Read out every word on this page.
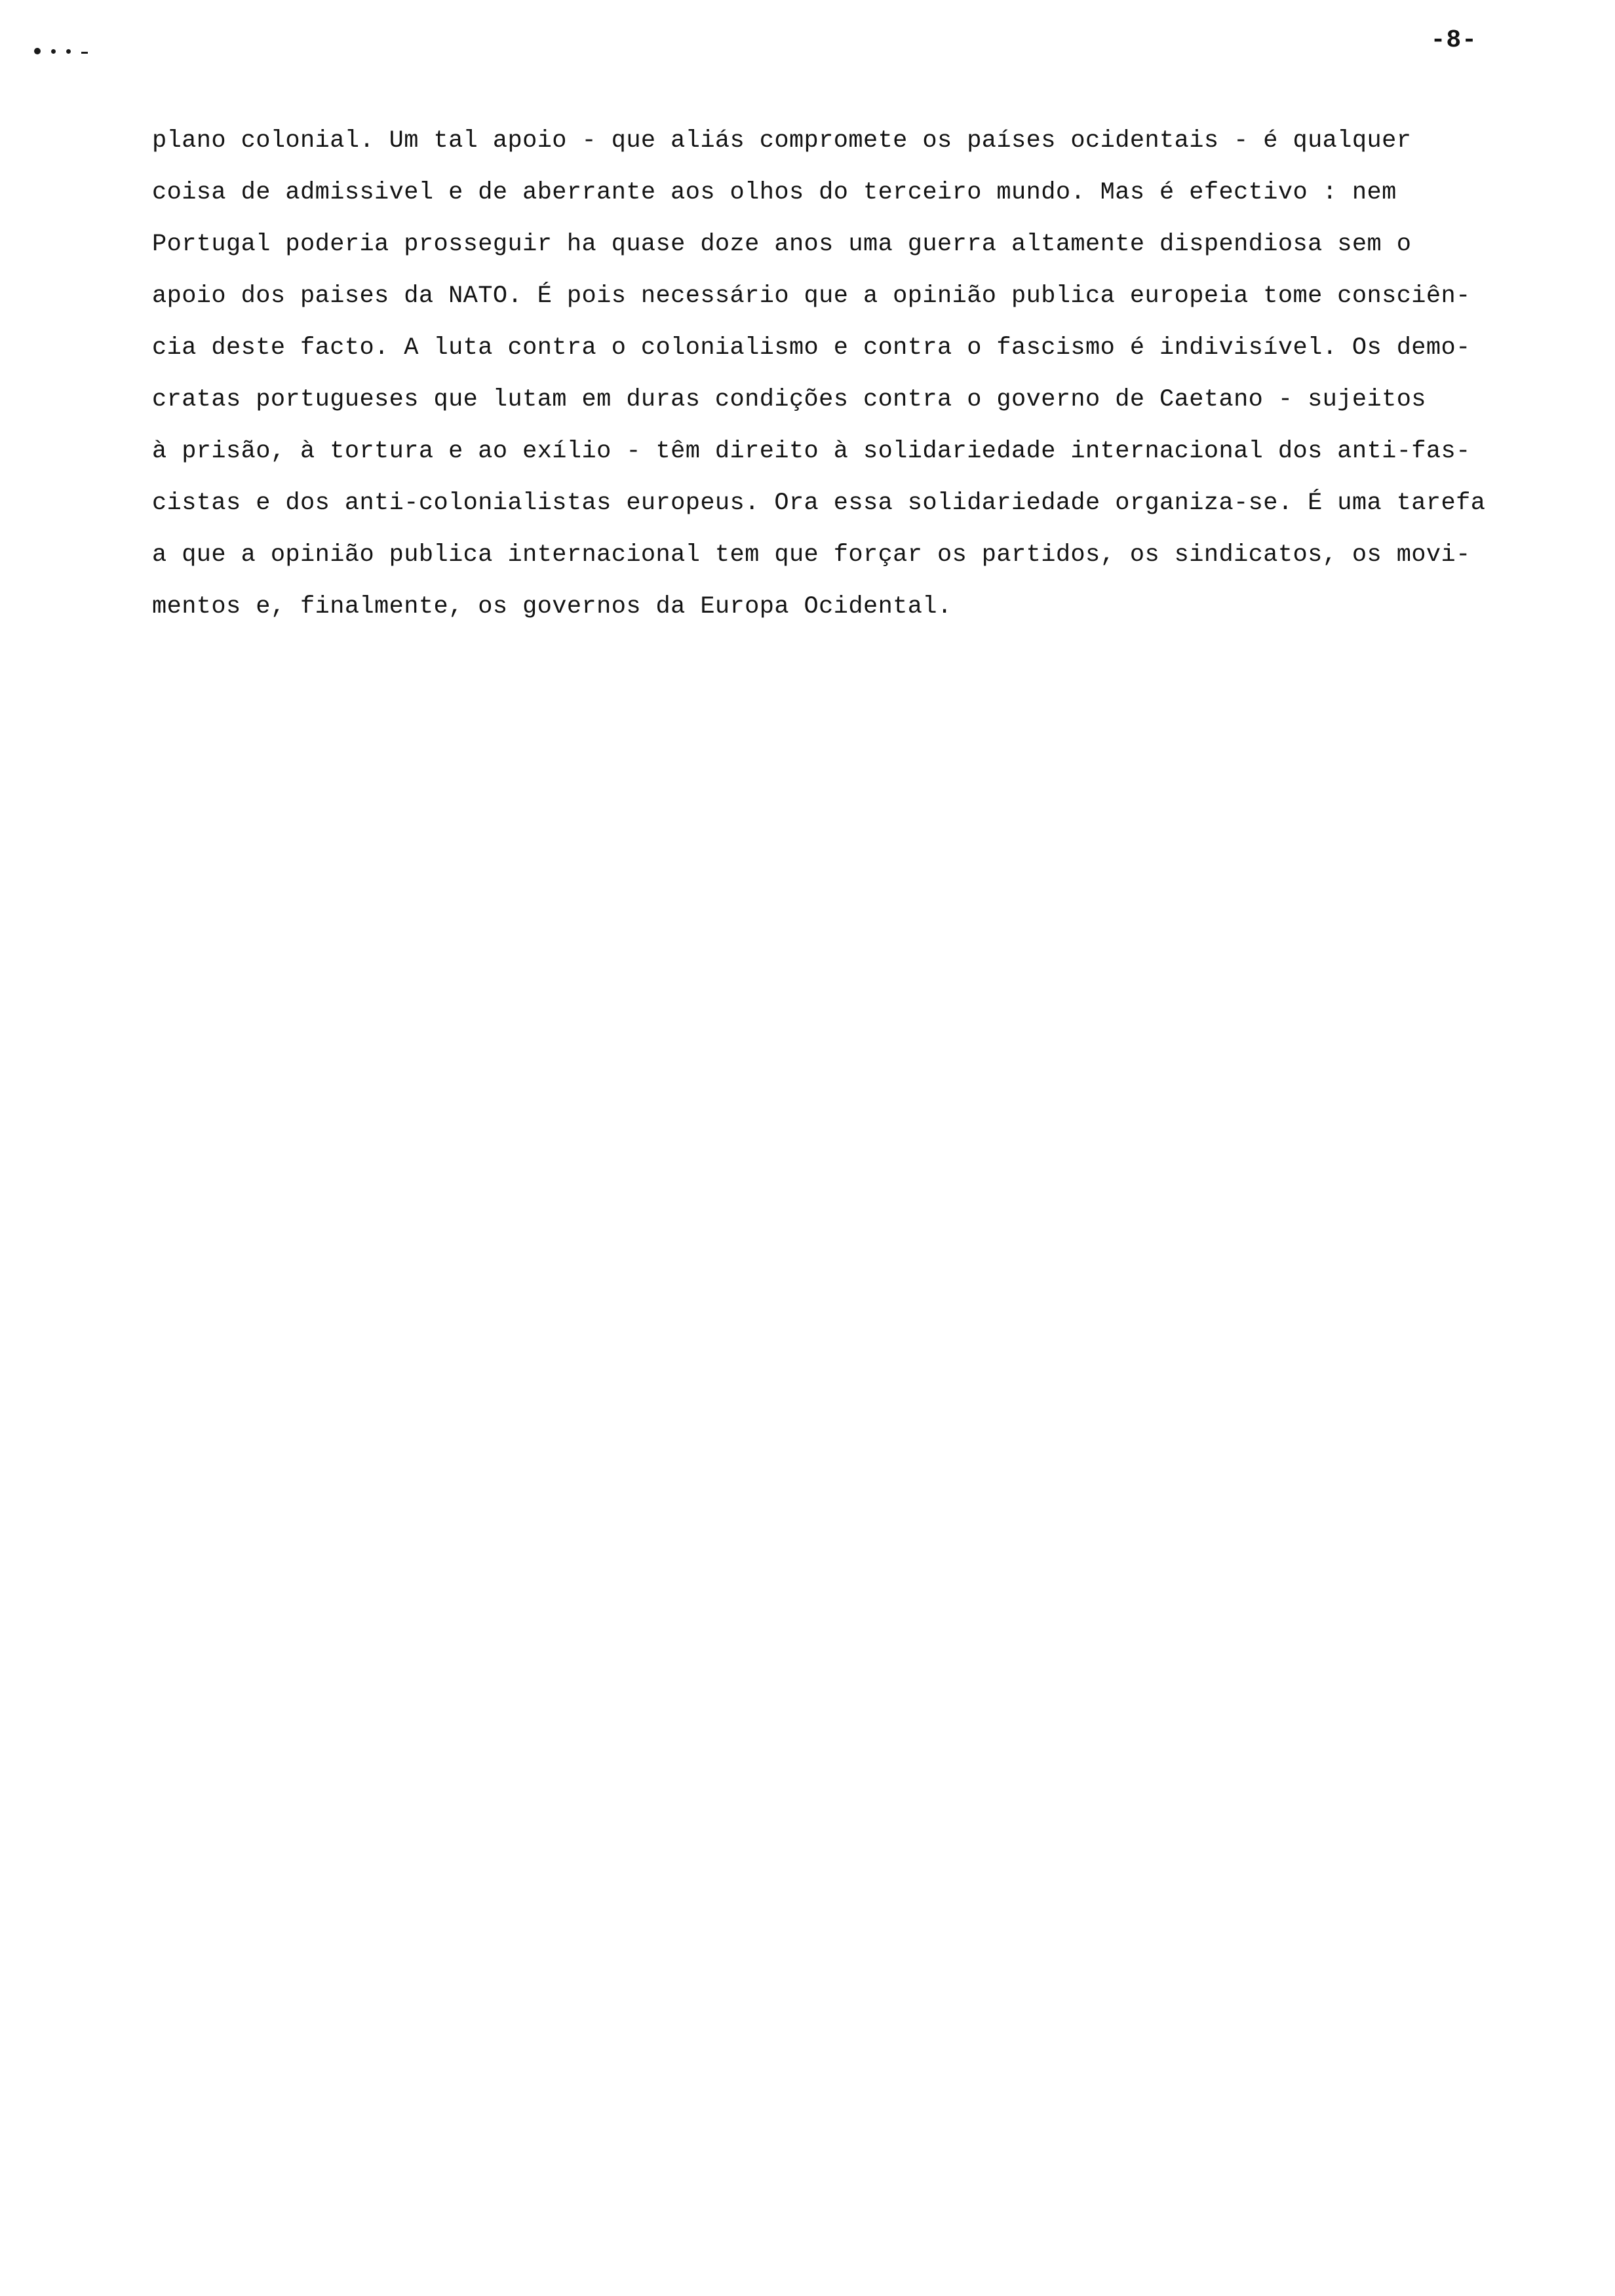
-8-
plano colonial. Um tal apoio - que aliás compromete os países ocidentais - é qualquer
coisa de admissivel e de aberrante aos olhos do terceiro mundo. Mas é efectivo : nem
Portugal poderia prosseguir ha quase doze anos uma guerra altamente dispendiosa sem o
apoio dos paises da NATO. É pois necessário que a opinião publica europeia tome consciên-
cia deste facto. A luta contra o colonialismo e contra o fascismo é indivisível. Os demo-
cratas portugueses que lutam em duras condições contra o governo de Caetano - sujeitos
à prisão, à tortura e ao exílio - têm direito à solidariedade internacional dos anti-fas-
cistas e dos anti-colonialistas europeus. Ora essa solidariedade organiza-se. É uma tarefa
a que a opinião publica internacional tem que forçar os partidos, os sindicatos, os movi-
mentos e, finalmente, os governos da Europa Ocidental.
